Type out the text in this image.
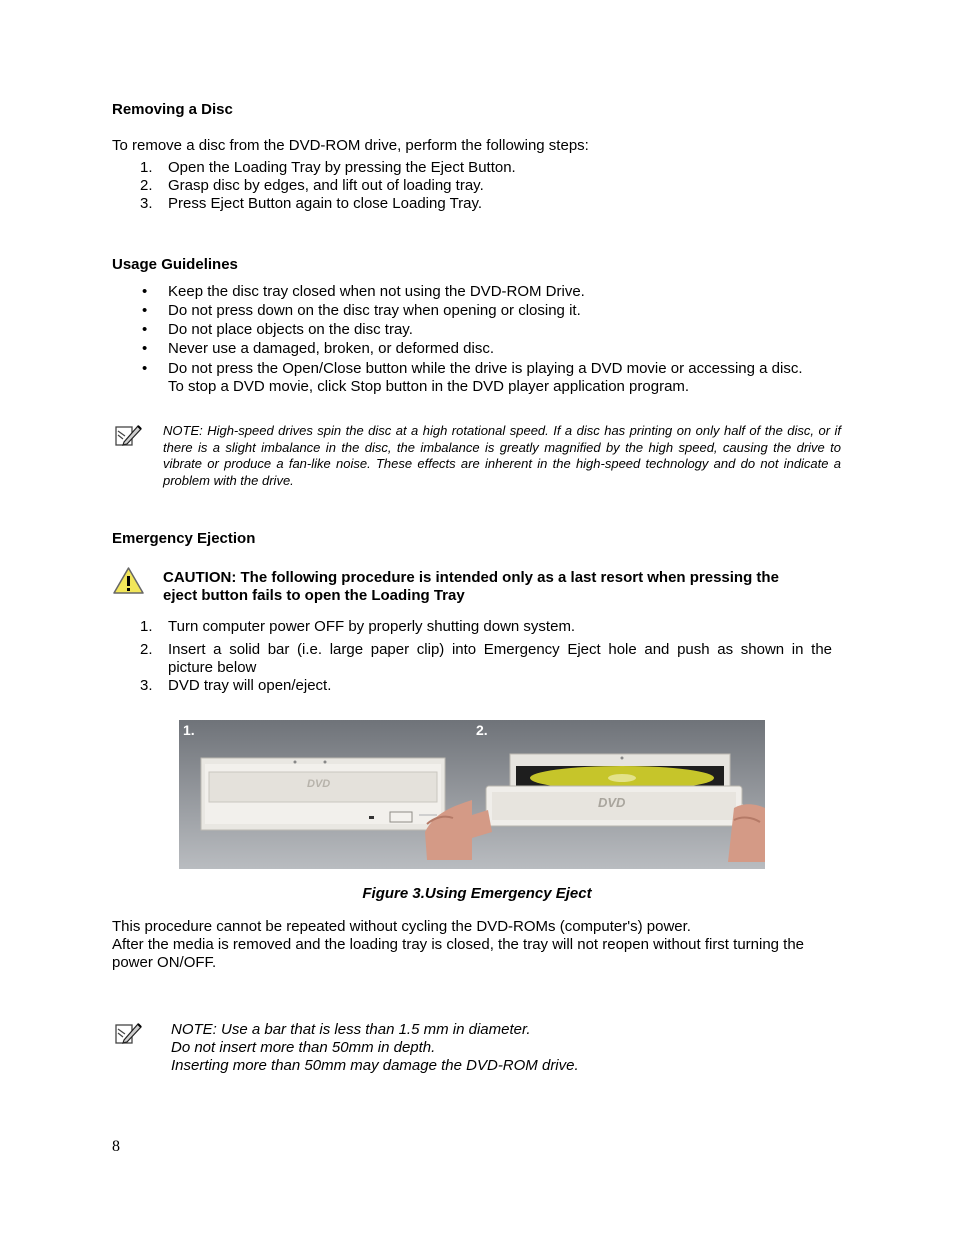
Removing a Disc
To remove a disc from the DVD-ROM drive, perform the following steps:
1. Open the Loading Tray by pressing the Eject Button.
2. Grasp disc by edges, and lift out of loading tray.
3. Press Eject Button again to close Loading Tray.
Usage Guidelines
• Keep the disc tray closed when not using the DVD-ROM Drive.
• Do not press down on the disc tray when opening or closing it.
• Do not place objects on the disc tray.
• Never use a damaged, broken, or deformed disc.
• Do not press the Open/Close button while the drive is playing a DVD movie or accessing a disc.
To stop a DVD movie, click Stop button in the DVD player application program.
NOTE: High-speed drives spin the disc at a high rotational speed. If a disc has printing on only half of the disc, or if there is a slight imbalance in the disc, the imbalance is greatly magnified by the high speed, causing the drive to vibrate or produce a fan-like noise. These effects are inherent in the high-speed technology and do not indicate a problem with the drive.
Emergency Ejection
CAUTION: The following procedure is intended only as a last resort when pressing the
eject button fails to open the Loading Tray
1. Turn computer power OFF by properly shutting down system.
2. Insert a solid bar (i.e. large paper clip) into Emergency Eject hole and push as shown in the
picture below
3. DVD tray will open/eject.
1.
DVD
2.
DVD
Figure 3.Using Emergency Eject
This procedure cannot be repeated without cycling the DVD-ROMs (computer's) power.
After the media is removed and the loading tray is closed, the tray will not reopen without first turning the
power ON/OFF.
NOTE: Use a bar that is less than 1.5 mm in diameter.
Do not insert more than 50mm in depth.
Inserting more than 50mm may damage the DVD-ROM drive.
8
